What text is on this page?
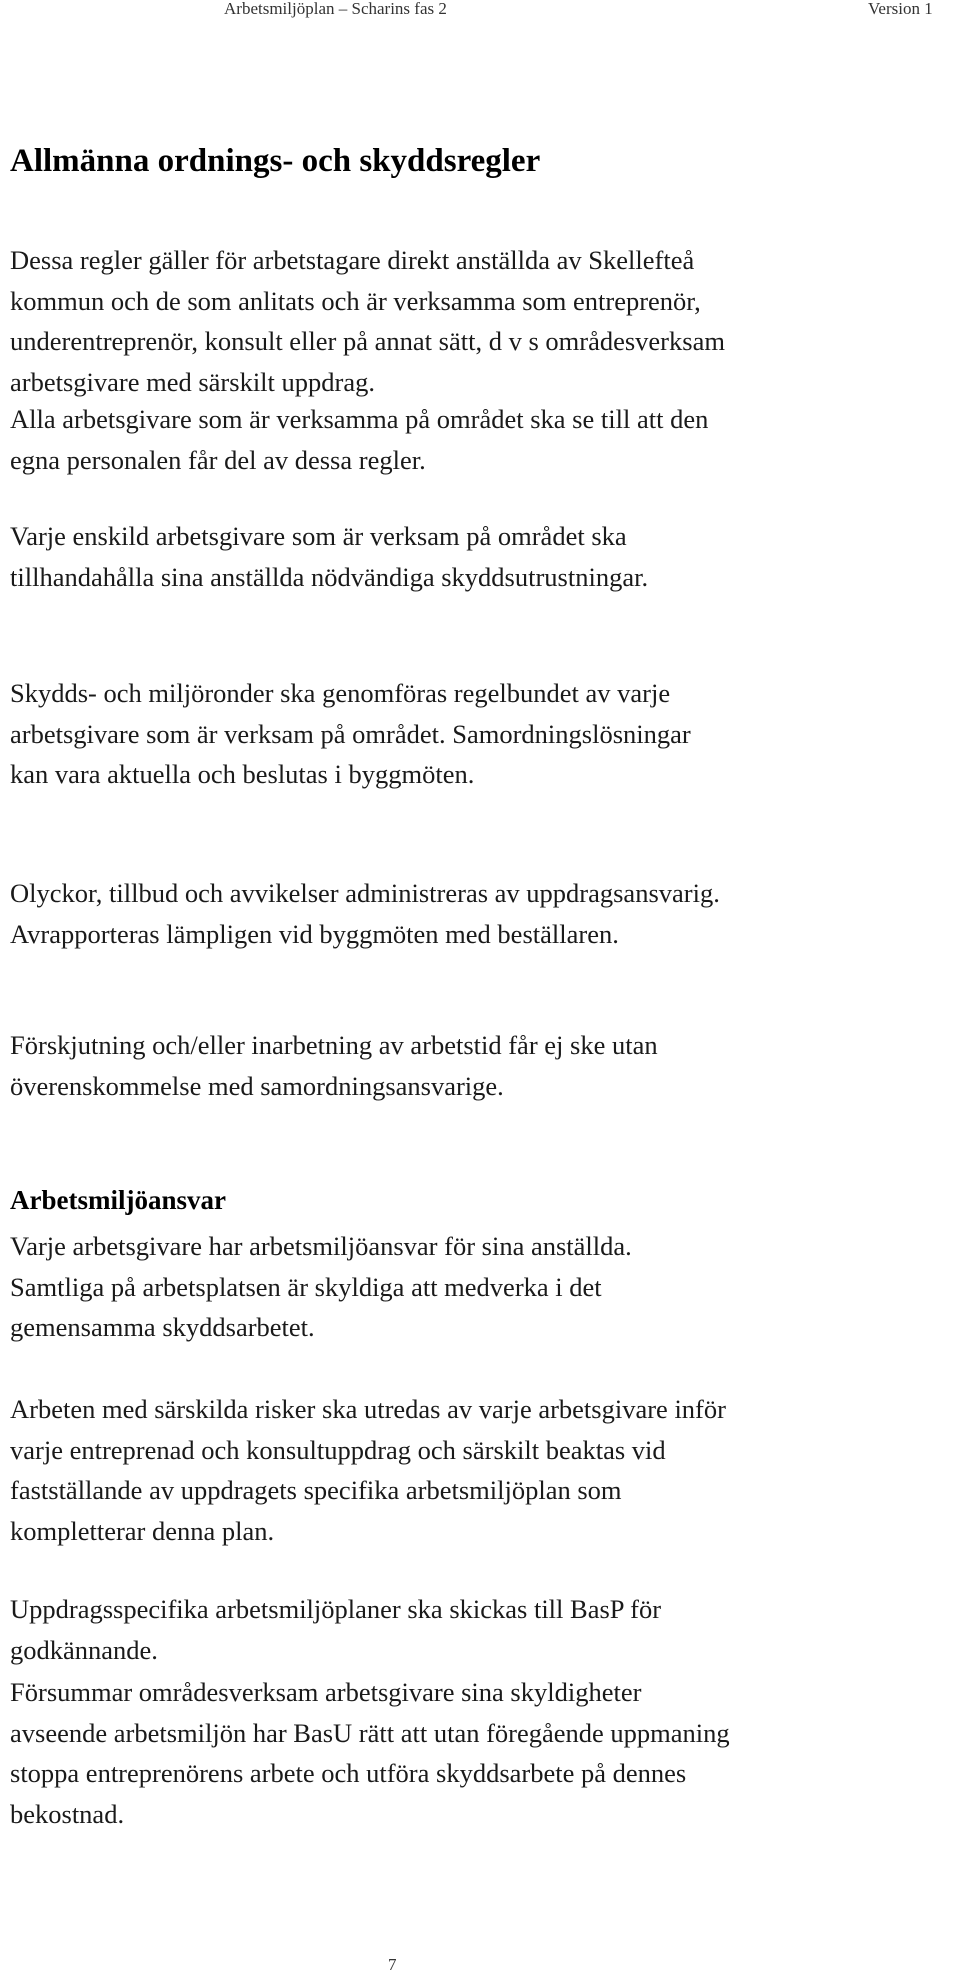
Arbetsmiljöplan – Scharins fas 2	Version 1
Allmänna ordnings- och skyddsregler

Dessa regler gäller för arbetstagare direkt anställda av Skellefteå
kommun och de som anlitats och är verksamma som entreprenör,
underentreprenör, konsult eller på annat sätt, d v s områdesverksam
arbetsgivare med särskilt uppdrag.

Alla arbetsgivare som är verksamma på området ska se till att den
egna personalen får del av dessa regler.

Varje enskild arbetsgivare som är verksam på området ska
tillhandahålla sina anställda nödvändiga skyddsutrustningar.

Skydds- och miljöronder ska genomföras regelbundet av varje
arbetsgivare som är verksam på området. Samordningslösningar
kan vara aktuella och beslutas i byggmöten.

Olyckor, tillbud och avvikelser administreras av uppdragsansvarig.
Avrapporteras lämpligen vid byggmöten med beställaren.

Förskjutning och/eller inarbetning av arbetstid får ej ske utan
överenskommelse med samordningsansvarige.

Arbetsmiljöansvar

Varje arbetsgivare har arbetsmiljöansvar för sina anställda.
Samtliga på arbetsplatsen är skyldiga att medverka i det
gemensamma skyddsarbetet.

Arbeten med särskilda risker ska utredas av varje arbetsgivare inför
varje entreprenad och konsultuppdrag och särskilt beaktas vid
fastställande av uppdragets specifika arbetsmiljöplan som
kompletterar denna plan.

Uppdragsspecifika arbetsmiljöplaner ska skickas till BasP för
godkännande.

Försummar områdesverksam arbetsgivare sina skyldigheter
avseende arbetsmiljön har BasU rätt att utan föregående uppmaning
stoppa entreprenörens arbete och utföra skyddsarbete på dennes
bekostnad.

7
